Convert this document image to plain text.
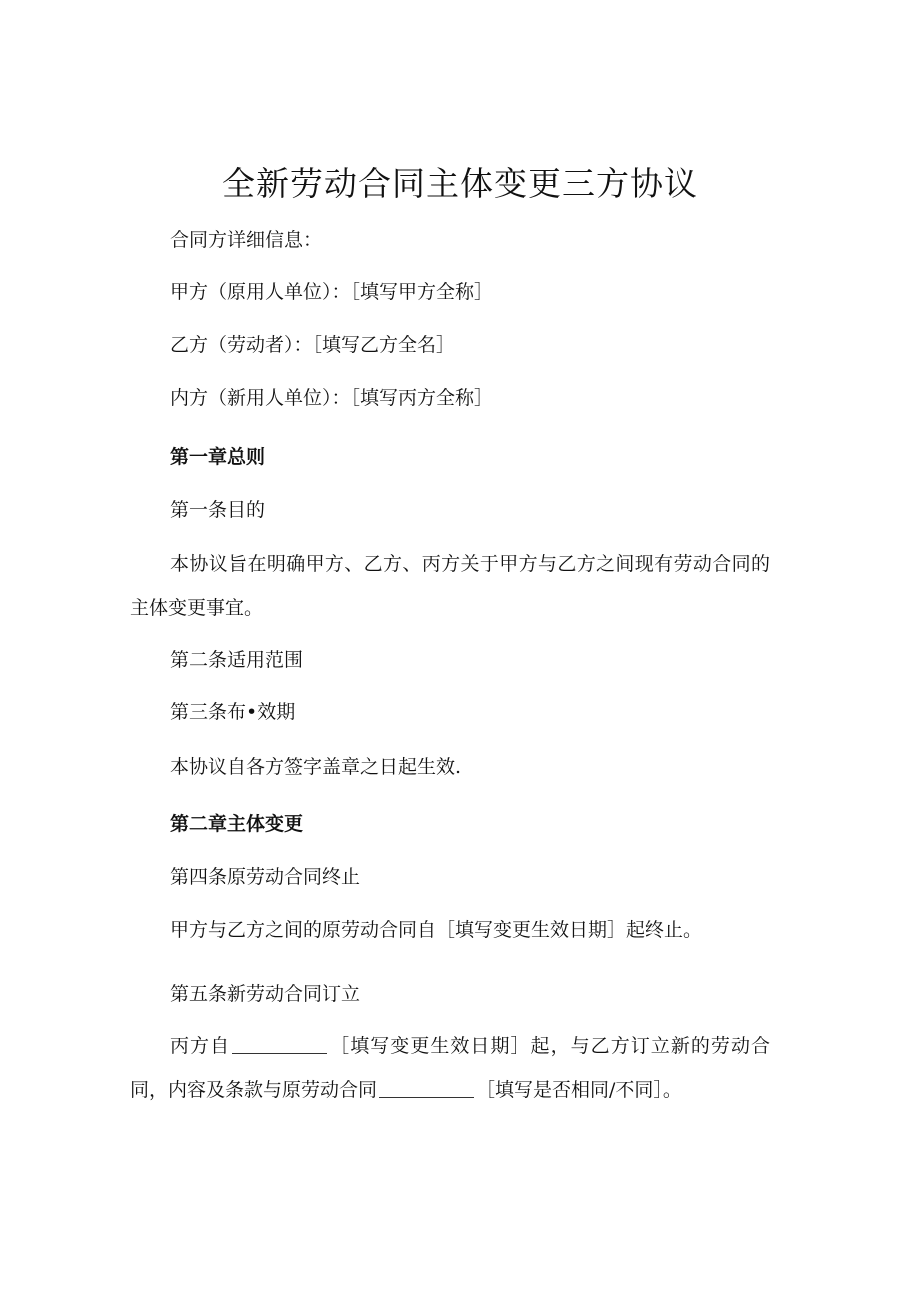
全新劳动合同主体变更三方协议
合同方详细信息：
甲方（原用人单位）：［填写甲方全称］
乙方（劳动者）：［填写乙方全名］
内方（新用人单位）：［填写丙方全称］
第一章总则
第一条目的
本协议旨在明确甲方、乙方、丙方关于甲方与乙方之间现有劳动合同的主体变更事宜。
第二条适用范围
第三条布•效期
本协议自各方签字盖章之日起生效.
第二章主体变更
第四条原劳动合同终止
甲方与乙方之间的原劳动合同自［填写变更生效日期］起终止。
第五条新劳动合同订立
丙方自	［填写变更生效日期］起，与乙方订立新的劳动合同，内容及条款与原劳动合同	［填写是否相同/不同］。
